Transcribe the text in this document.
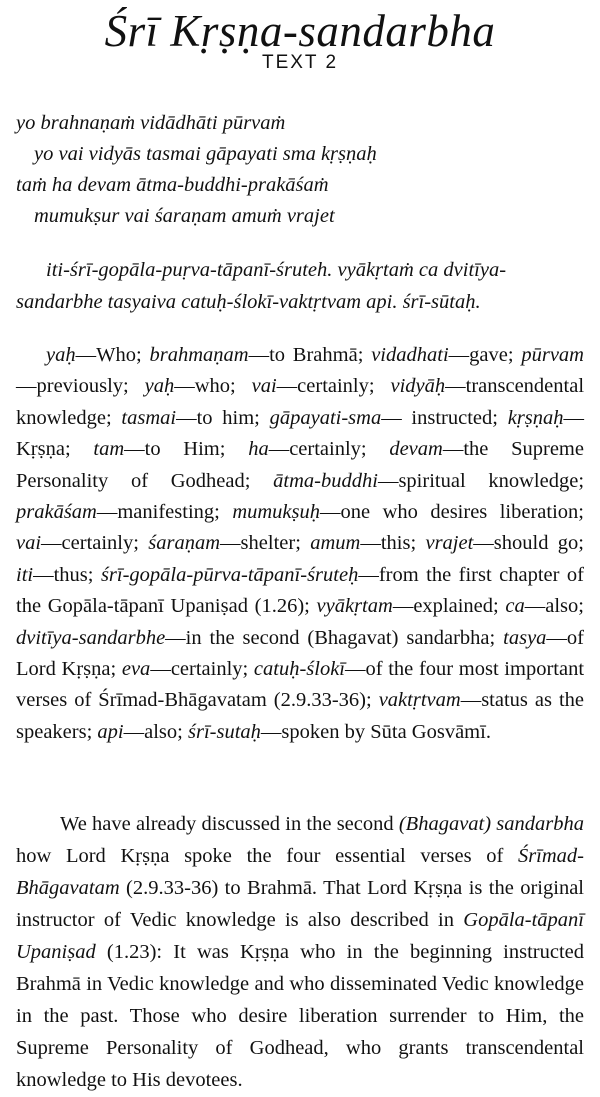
Śrī Kṛṣṇa-sandarbha
TEXT 2
yo brahnaṇaṁ vidādhāti pūrvaṁ
yo vai vidyās tasmai gāpayati sma kṛṣṇaḥ
taṁ ha devam ātma-buddhi-prakāśaṁ
mumukṣur vai śaraṇam amuṁ vrajet
iti-śrī-gopāla-puṛva-tāpanī-śruteh. vyākṛtaṁ ca dvitīya-
sandarbhe tasyaiva catuḥ-ślokī-vaktṛtvam api. śrī-sūtaḥ.

yaḥ—Who; brahmaṇam—to Brahmā; vidadhati—gave; pūrvam—previously; yaḥ—who; vai—certainly; vidyāḥ—transcendental knowledge; tasmai—to him; gāpayati-sma— instructed; kṛṣṇaḥ—Kṛṣṇa; tam—to Him; ha—certainly; devam—the Supreme Personality of Godhead; ātma-buddhi—spiritual knowledge; prakāśam—manifesting; mumukṣuḥ—one who desires liberation; vai—certainly; śaraṇam—shelter; amum—this; vrajet—should go; iti—thus; śrī-gopāla-pūrva-tāpanī-śruteḥ—from the first chapter of the Gopāla-tāpanī Upaniṣad (1.26); vyākṛtam—explained; ca—also; dvitīya-sandarbhe—in the second (Bhagavat) sandarbha; tasya—of Lord Kṛṣṇa; eva—certainly; catuḥ-ślokī—of the four most important verses of Śrīmad-Bhāgavatam (2.9.33-36); vaktṛtvam—status as the speakers; api—also; śrī-sutaḥ—spoken by Sūta Gosvāmī.

We have already discussed in the second (Bhagavat) sandarbha how Lord Kṛṣṇa spoke the four essential verses of Śrīmad-Bhāgavatam (2.9.33-36) to Brahmā. That Lord Kṛṣṇa is the original instructor of Vedic knowledge is also described in Gopāla-tāpanī Upaniṣad (1.23): It was Kṛṣṇa who in the beginning instructed Brahmā in Vedic knowledge and who disseminated Vedic knowledge in the past. Those who desire liberation surrender to Him, the Supreme Personality of Godhead, who grants transcendental knowledge to His devotees.
